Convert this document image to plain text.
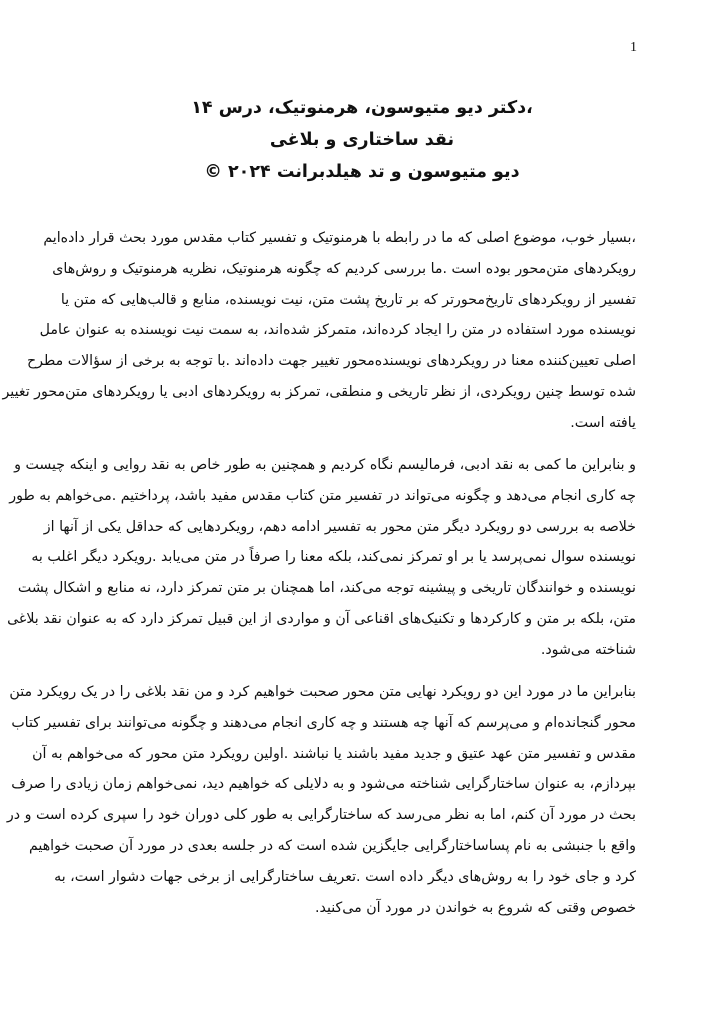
1
،دکتر دیو متیوسون، هرمنوتیک، درس ۱۴
نقد ساختاری و بلاغی
دیو متیوسون و تد هیلدبرانت ۲۰۲۴ ©
،بسیار خوب، موضوع اصلی که ما در رابطه با هرمنوتیک و تفسیر کتاب مقدس مورد بحث قرار داده‌ایم
رویکردهای متن‌محور بوده است .ما بررسی کردیم که چگونه هرمنوتیک، نظریه هرمنوتیک و روش‌های
تفسیر از رویکردهای تاریخ‌محورتر که بر تاریخ پشت متن، نیت نویسنده، منابع و قالب‌هایی که متن یا
نویسنده مورد استفاده در متن را ایجاد کرده‌اند، متمرکز شده‌اند، به سمت نیت نویسنده به عنوان عامل
اصلی تعیین‌کننده معنا در رویکردهای نویسنده‌محور تغییر جهت داده‌اند .با توجه به برخی از سؤالات مطرح
شده توسط چنین رویکردی، از نظر تاریخی و منطقی، تمرکز به رویکردهای ادبی یا رویکردهای متن‌محور تغییر
یافته است.
و بنابراین ما کمی به نقد ادبی، فرمالیسم نگاه کردیم و همچنین به طور خاص به نقد روایی و اینکه چیست و
چه کاری انجام می‌دهد و چگونه می‌تواند در تفسیر متن کتاب مقدس مفید باشد، پرداختیم .می‌خواهم به طور
خلاصه به بررسی دو رویکرد دیگر متن محور به تفسیر ادامه دهم، رویکردهایی که حداقل یکی از آنها از
نویسنده سوال نمی‌پرسد یا بر او تمرکز نمی‌کند، بلکه معنا را صرفاً در متن می‌یابد .رویکرد دیگر اغلب به
نویسنده و خوانندگان تاریخی و پیشینه توجه می‌کند، اما همچنان بر متن تمرکز دارد، نه منابع و اشکال پشت
متن، بلکه بر متن و کارکردها و تکنیک‌های اقناعی آن و مواردی از این قبیل تمرکز دارد که به عنوان نقد بلاغی
شناخته می‌شود.
بنابراین ما در مورد این دو رویکرد نهایی متن محور صحبت خواهیم کرد و من نقد بلاغی را در یک رویکرد متن
محور گنجانده‌ام و می‌پرسم که آنها چه هستند و چه کاری انجام می‌دهند و چگونه می‌توانند برای تفسیر کتاب
مقدس و تفسیر متن عهد عتیق و جدید مفید باشند یا نباشند .اولین رویکرد متن محور که می‌خواهم به آن
بپردازم، به عنوان ساختارگرایی شناخته می‌شود و به دلایلی که خواهیم دید، نمی‌خواهم زمان زیادی را صرف
بحث در مورد آن کنم، اما به نظر می‌رسد که ساختارگرایی به طور کلی دوران خود را سپری کرده است و در
واقع با جنبشی به نام پساساختارگرایی جایگزین شده است که در جلسه بعدی در مورد آن صحبت خواهیم
کرد و جای خود را به روش‌های دیگر داده است .تعریف ساختارگرایی از برخی جهات دشوار است، به
خصوص وقتی که شروع به خواندن در مورد آن می‌کنید.
